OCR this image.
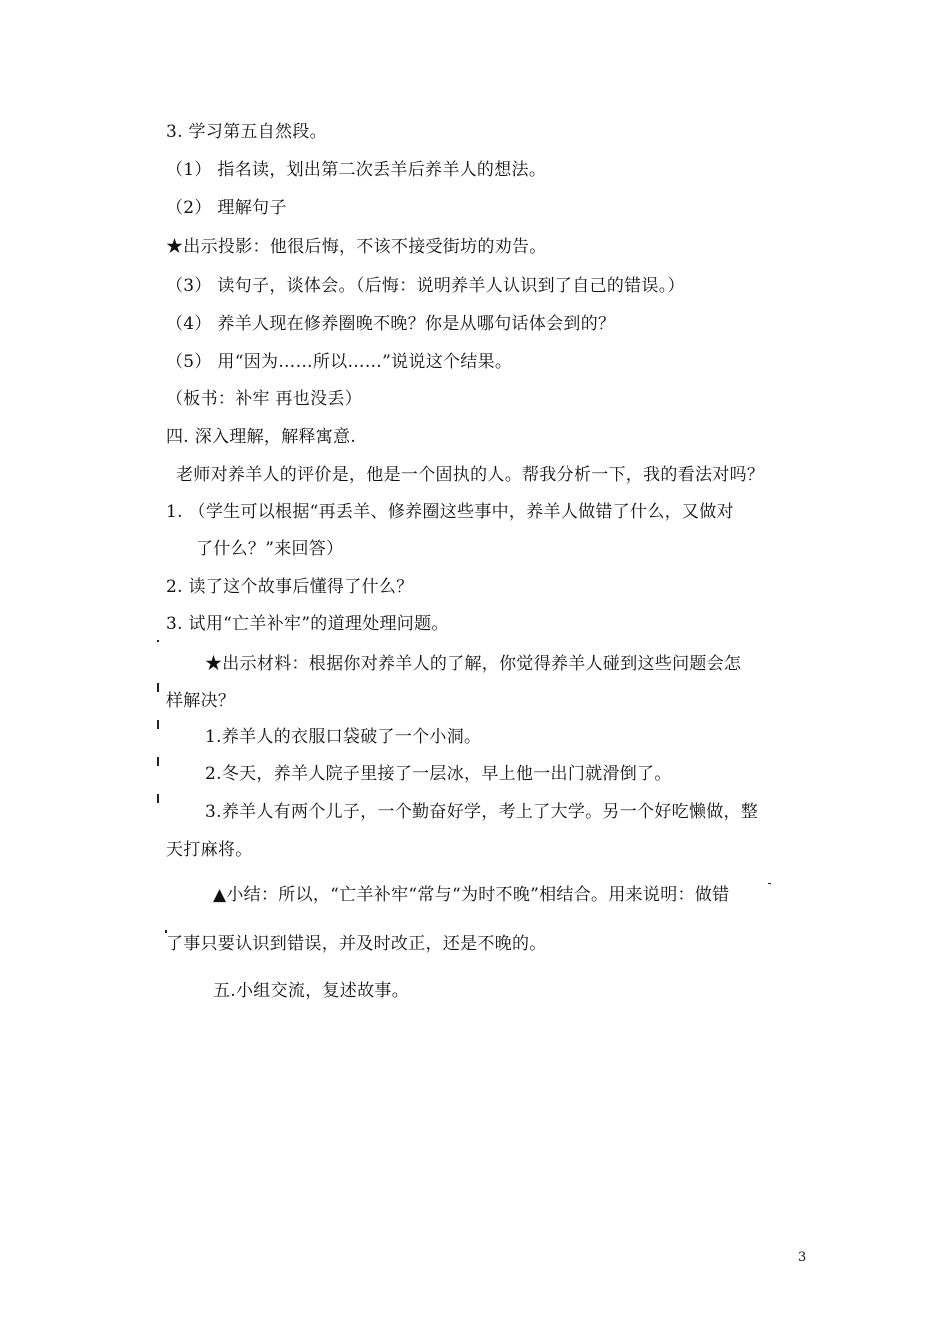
3. 学习第五自然段。
（1） 指名读，划出第二次丢羊后养羊人的想法。
（2） 理解句子
★出示投影：他很后悔，不该不接受街坊的劝告。
（3） 读句子，谈体会。（后悔：说明养羊人认识到了自己的错误。）
（4） 养羊人现在修养圈晚不晚？你是从哪句话体会到的？
（5） 用“因为……所以……”说说这个结果。
（板书：补牢 再也没丢）
四. 深入理解，解释寓意.
老师对养羊人的评价是，他是一个固执的人。帮我分析一下，我的看法对吗？
1. （学生可以根据“再丢羊、修养圈这些事中，养羊人做错了什么，又做对
了什么？”来回答）
2. 读了这个故事后懂得了什么？
3. 试用“亡羊补牢”的道理处理问题。
★出示材料：根据你对养羊人的了解，你觉得养羊人碰到这些问题会怎
样解决？
1.养羊人的衣服口袋破了一个小洞。
2.冬天，养羊人院子里接了一层冰，早上他一出门就滑倒了。
3.养羊人有两个儿子，一个勤奋好学，考上了大学。另一个好吃懒做，整
天打麻将。
▲小结：所以，“亡羊补牢“常与“为时不晚”相结合。用来说明：做错
了事只要认识到错误，并及时改正，还是不晚的。
五.小组交流，复述故事。
3
